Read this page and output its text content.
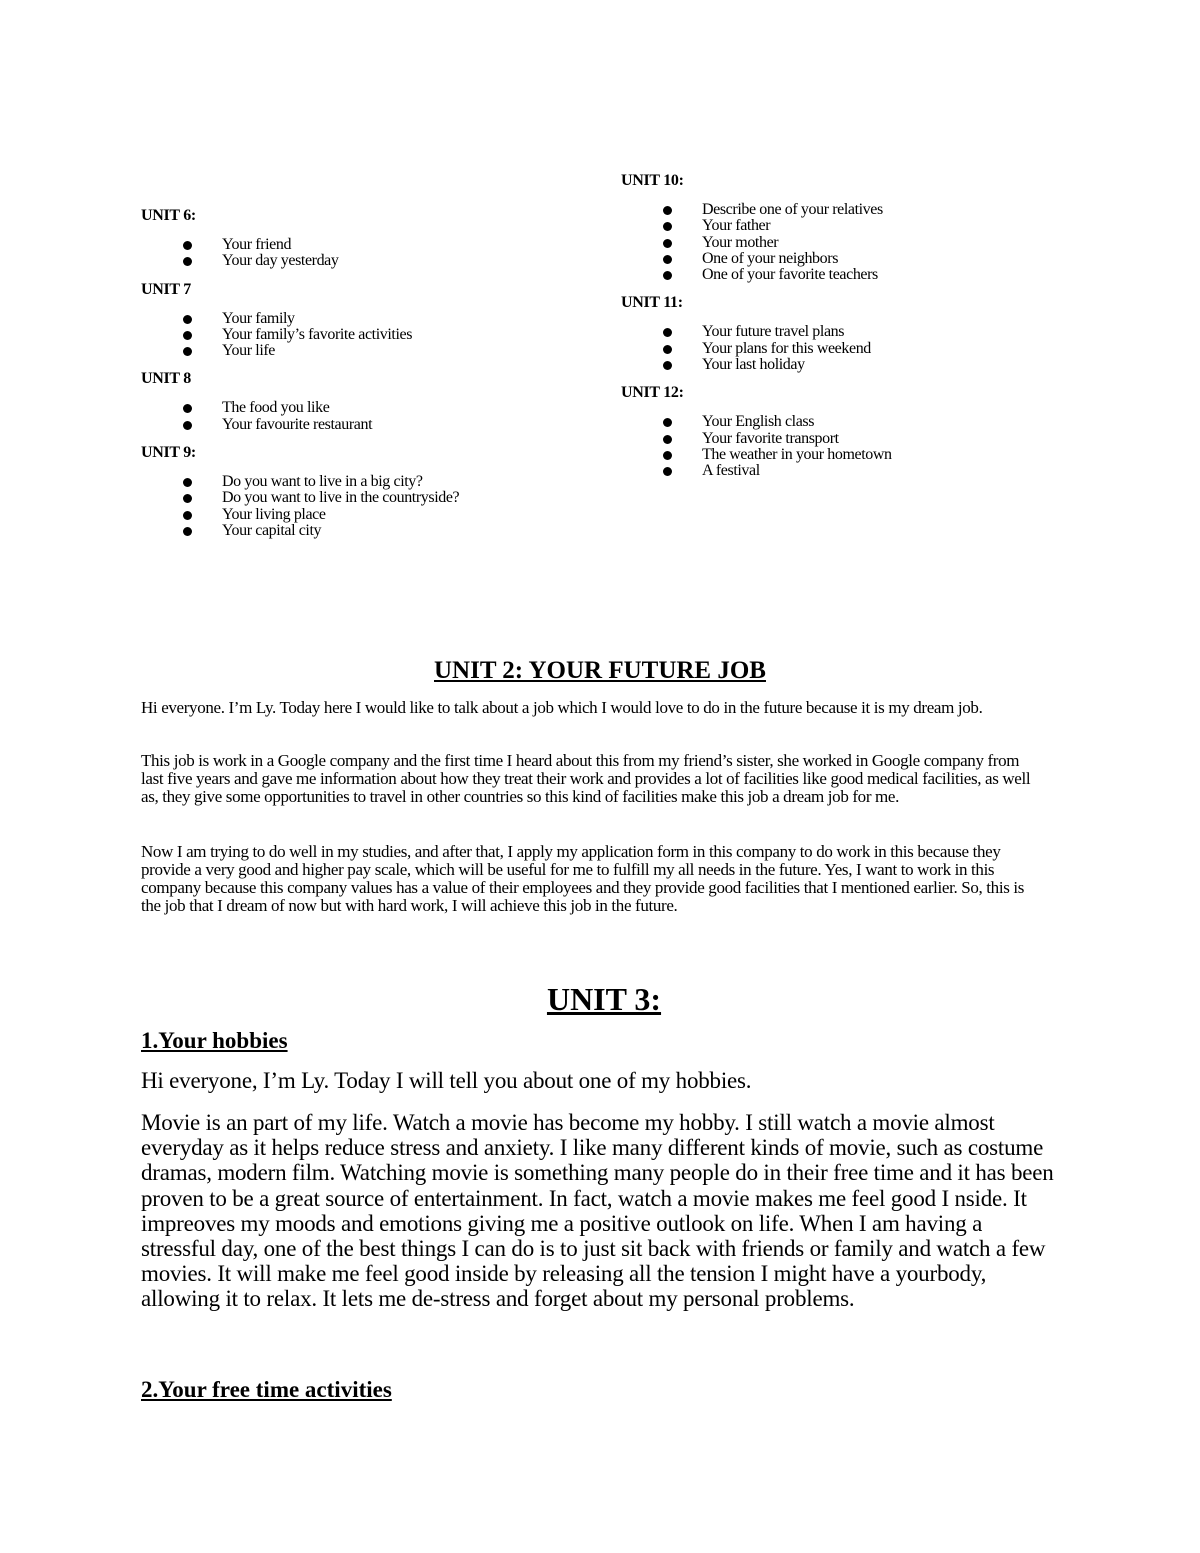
UNIT 6:
Your friend
Your day yesterday
UNIT 7
Your family
Your family’s favorite activities
Your life
UNIT 8
The food you like
Your favourite restaurant
UNIT 9:
Do you want to live in a big city?
Do you want to live in the countryside?
Your living place
Your capital city
UNIT 10:
Describe one of your relatives
Your father
Your mother
One of your neighbors
One of your favorite teachers
UNIT 11:
Your future travel plans
Your plans for this weekend
Your last holiday
UNIT 12:
Your English class
Your favorite transport
The weather in your hometown
A festival
UNIT 2: YOUR FUTURE JOB

Hi everyone. I’m Ly. Today here I would like to talk about a job which I would love to do in the future because it is my dream job.

This job is work in a Google company and the first time I heard about this from my friend’s sister, she worked in Google company from last five years and gave me information about how they treat their work and provides a lot of facilities like good medical facilities, as well as, they give some opportunities to travel in other countries so this kind of facilities make this job a dream job for me.

Now I am trying to do well in my studies, and after that, I apply my application form in this company to do work in this because they provide a very good and higher pay scale, which will be useful for me to fulfill my all needs in the future. Yes, I want to work in this company because this company values has a value of their employees and they provide good facilities that I mentioned earlier. So, this is the job that I dream of now but with hard work, I will achieve this job in the future.

UNIT 3:
1.Your hobbies

Hi everyone, I’m Ly. Today I will tell you about one of my hobbies.

Movie is an part of my life. Watch a movie has become my hobby. I still watch a movie almost everyday as it helps reduce stress and anxiety. I like many different kinds of movie, such as costume dramas, modern film. Watching movie is something many people do in their free time and it has been proven to be a great source of entertainment. In fact, watch a movie makes me feel good I nside. It impreoves my moods and emotions giving me a positive outlook on life. When I am having a stressful day, one of the best things I can do is to just sit back with friends or family and watch a few movies. It will make me feel good inside by releasing all the tension I might have a yourbody, allowing it to relax. It lets me de-stress and forget about my personal problems.

2.Your free time activities
